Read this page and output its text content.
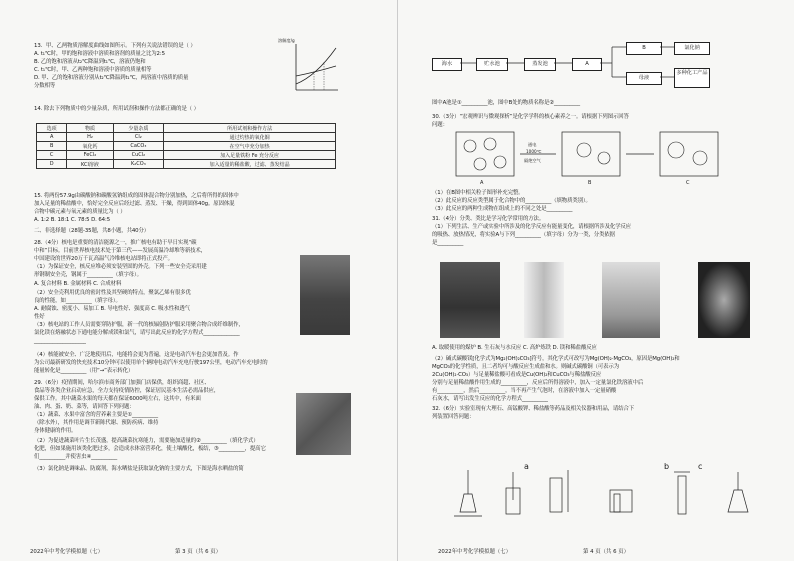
13．甲、乙两物质溶解度曲线如图所示。下列有关说法错误的是（ ）
A. t₁℃时，甲的饱和溶液中溶质和溶剂的质量之比为2:5
B. 乙的饱和溶液从t₂℃降温到t₁℃，溶液仍饱和
C. t₁℃时，甲、乙两种饱和溶液中溶质的质量相等
D. 甲、乙的饱和溶液分别从t₂℃降温到t₁℃，两溶液中溶质的质量
分数相等
14. 除去下列物质中的少量杂质，所用试剂和操作方法都正确的是（ ）
15. 将两份57.9g由碳酸钠和碳酸氢钠组成的固体混合物分别加热，之后将所得的固体中
加入足量的稀盐酸中，恰好完全反应后经过滤、蒸发、干燥，得到固体40g。原固体混
合物中碳元素与氧元素的质量比为（ ）
A. 1:2 B. 18:1 C. 78:5 D. 64:5
二、非选择题（28题-35题，共8小题，共40分）
28.（4分）核电是重要的清洁能源之一，推广核电有助于早日实现“碳
中和”目标。目前世界核电技术处于第三代——发展高温冷却堆等新技术，
中国建设的世界20万千瓦高温气冷堆核电站即将正式投产。
（1）为保证安全，核反应堆必须安装坚固的外壳。下列一些安全壳采用建
形钢制安全壳，钢属于__________（填字母）。
A. 复合材料 B. 金属材料 C. 合成材料
（2）安全壳利用优良的密封性及其坚硬的特点，聚氯乙烯有很多优
良的性能，如__________（填字母）。
A. 耐腐蚀、密度小、易加工 B. 导电性好、强度高 C. 吸水性和透气
性好
（3）核电站的工作人员需要穿防护服，新一代的核辐射防护服采用聚合物合成纤维制作，
氯化镁在熔融状态下通电能分解成镁和氯气，请写出此反应的化学方程式______________
____________________
（4）核能被安全、广泛地使用后，电能将会更为普遍，这是电动汽车也会更加普及。作
为公司最新研发的快充技术10分钟可以使用单个辆纯电动汽车充电行驶197公里，电动汽车充电时的
能量转化是__________（用“→”表示转化）
29.（6分）疫情期间，哈尔滨市商务部门加强门店保供，组织商超、社区、
食品等各类企业启动应急，全力支持疫情防控，保证居民基本生活必需品供应，
保供工作。其中蔬菜水果的每天都在保证6000吨左右，这其中，有米面
油、肉、蛋、奶、菜等，请回答下列问题：
（1）蔬菜、水果中富含的营养素主要是①__________
（除水外），其作用是调节新陈代谢、预防疾病、维持
身体健康的作用。
（2）为促进蔬菜叶片生长茂盛，提高蔬菜抗寒能力，需要施加适量的②__________（填化学式）
化肥，但如果施用该类化肥过多，会造成水体富营养化，使土壤酸化，板结，③__________，提高它
们__________并使害虫④__________
（3）氯化钠是调味品、防腐剂，海水晒盐是获取氯化钠的主要方式，下图是海水晒盐的简
溶解度/g
选项	物质	少量杂质	所用试剂和操作方法
A	H₂	Cl₂	通过灼热的氧化铜
B	氧化钙	CaCO₃	在空气中充分加热
C	FeCl₂	CuCl₂	加入足量铁粉 Fe 充分反应
D	KCl溶液	K₂CO₃	加入适量的稀盐酸，过滤、蒸发结晶
2022年中考化学模拟题（七）	第 3 页（共 6 页）
海水	贮水池	蒸发池	A
B	氯化钠
母液
多种化工产品
图中A池是①__________池，图中B处的物质名称是②__________
30.（3分）“宏观辨识与微观探析”是化学学科的核心素养之一。请根据下列图示回答
问题：
（1）在B图中相关粒子图形补充完整。
（2）此反应的反应类型属于化合物中的__________（填物质类别）。
（3）此反应的两种生成物在组成上的不同之处是__________
31.（4分）分类、类比是学习化学常用的方法。
（1）下列生活、生产或实验中所涉及的化学反应有能量变化，请根据所涉及化学反应
的吸热、放热情况，将实验A与下列__________（填字母）分为一类，分类依据
是__________
A. 取暖使用的煤炉 B. 生石灰与水反应 C. 高炉炼铁 D. 镁和稀盐酸反应
（2）碱式碳酸镁[化学式为Mg₂(OH)₂CO₃]符号，其化学式可改写为Mg(OH)₂·MgCO₃，原因是Mg(OH)₂和
MgCO₃的化学性质，且二者均可与酸反应生成盐和水。则碱式碳酸铜（可表示为
2Cu(OH)₂·CO₃）与足量稀盐酸可看成是Cu(OH)₂和CuCO₃与稀盐酸反应
分别与足量稀盐酸作用生成的__________，反应后所得溶液中，加入一定量氯化铁溶液中后
有__________，然后__________，当不再产生气泡时，在溶液中加入一定量硝酸
石灰水，请写出发生反应的化学方程式__________
32.（6分）实验室现有大理石、高锰酸钾、稀盐酸等药品及相关仪器和用品，请结合下
列装置回答问题：
A	B	C
通电
1000℃
隔绝空气
a	b	c
2022年中考化学模拟题（七）	第 4 页（共 6 页）
